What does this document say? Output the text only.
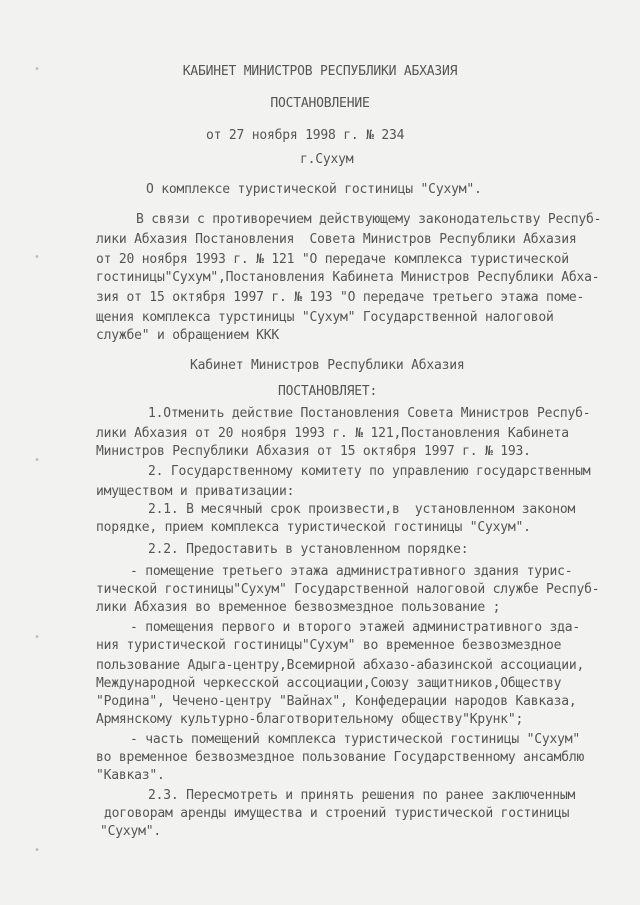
•
•
•
•
•
КАБИНЕТ МИНИСТРОВ РЕСПУБЛИКИ АБХАЗИЯ
ПОСТАНОВЛЕНИЕ
от 27 ноября 1998 г. № 234
г.Сухум
О комплексе туристической гостиницы "Сухум".
В связи с противоречием действующему законодательству Респуб-
лики Абхазия Постановления  Совета Министров Республики Абхазия
от 20 ноября 1993 г. № 121 "О передаче комплекса туристической
гостиницы"Сухум",Постановления Кабинета Министров Республики Абха-
зия от 15 октября 1997 г. № 193 "О передаче третьего этажа поме-
щения комплекса турстиницы "Сухум" Государственной налоговой
службе" и обращением ККК
Кабинет Министров Республики Абхазия
ПОСТАНОВЛЯЕТ:
1.Отменить действие Постановления Совета Министров Респуб-
лики Абхазия от 20 ноября 1993 г. № 121,Постановления Кабинета
Министров Республики Абхазия от 15 октября 1997 г. № 193.
2. Государственному комитету по управлению государственным
имуществом и приватизации:
2.1. В месячный срок произвести,в  установленном законом
порядке, прием комплекса туристической гостиницы "Сухум".
2.2. Предоставить в установленном порядке:
- помещение третьего этажа административного здания турис-
тической гостиницы"Сухум" Государственной налоговой службе Респуб-
лики Абхазия во временное безвозмездное пользование ;
- помещения первого и второго этажей административного зда-
ния туристической гостиницы"Сухум" во временное безвозмездное
пользование Адыга-центру,Всемирной абхазо-абазинской ассоциации,
Международной черкесской ассоциации,Союзу защитников,Обществу
"Родина", Чечено-центру "Вайнах", Конфедерации народов Кавказа,
Армянскому культурно-благотворительному обществу"Крунк";
- часть помещений комплекса туристической гостиницы "Сухум"
во временное безвозмездное пользование Государственному ансамблю
"Кавказ".
2.3. Пересмотреть и принять решения по ранее заключенным
договорам аренды имущества и строений туристической гостиницы
"Сухум".
